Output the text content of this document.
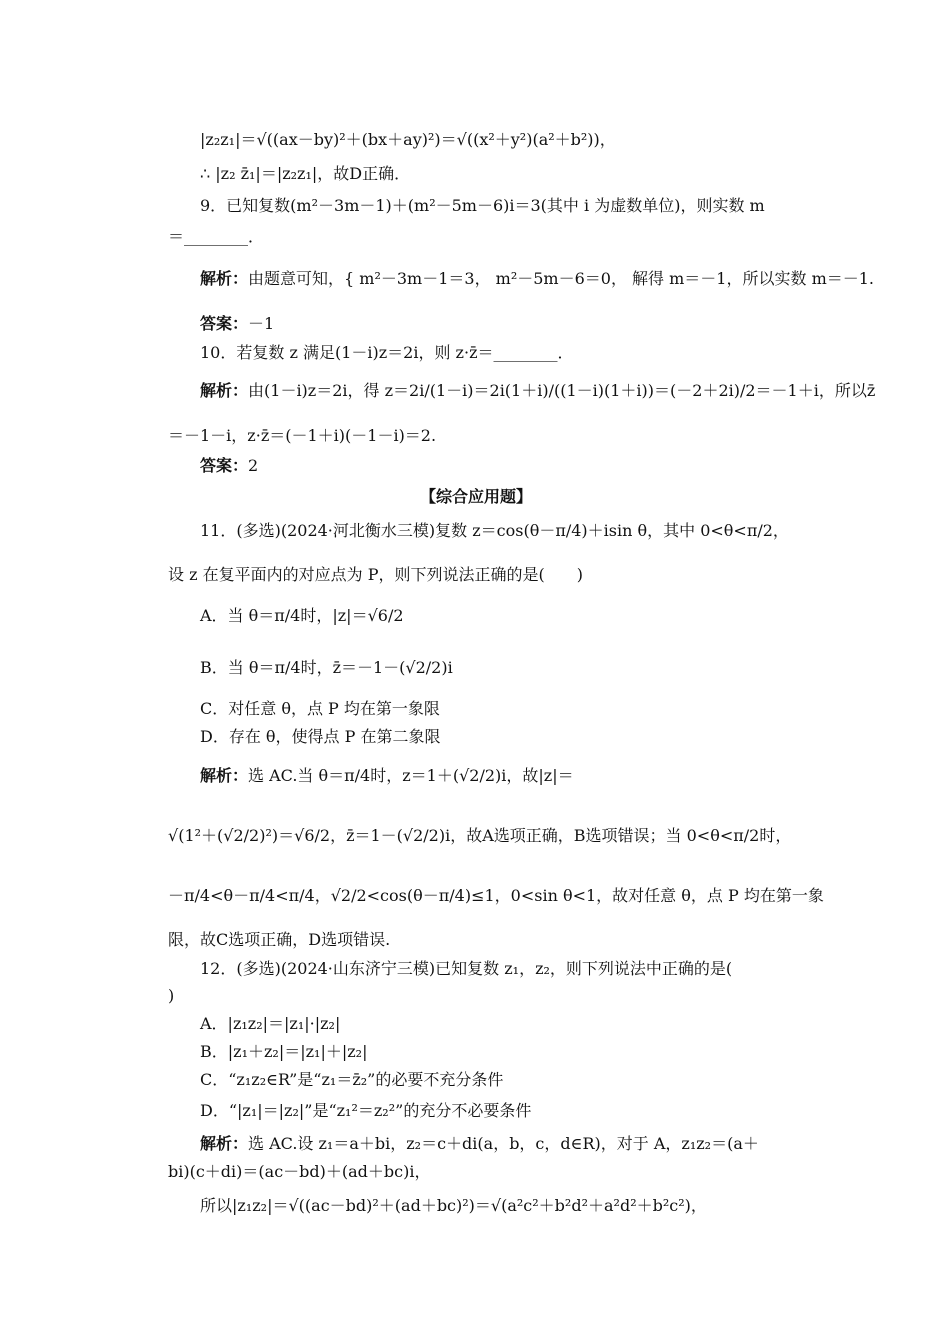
|z₂z₁|＝√((ax－by)²＋(bx＋ay)²)＝√((x²＋y²)(a²＋b²))，
∴ |z₂ z̄₁|＝|z₂z₁|，故D正确．
9．已知复数(m²－3m－1)＋(m²－5m－6)i＝3(其中 i 为虚数单位)，则实数 m
＝________．
解析：由题意可知，{ m²－3m－1＝3， m²－5m－6＝0， 解得 m＝－1，所以实数 m＝－1.
答案：－1
10．若复数 z 满足(1－i)z＝2i，则 z·z̄＝________．
解析：由(1－i)z＝2i，得 z＝2i/(1－i)＝2i(1＋i)/((1－i)(1＋i))＝(－2＋2i)/2＝－1＋i，所以z̄
＝－1－i，z·z̄＝(－1＋i)(－1－i)＝2.
答案：2
【综合应用题】
11．(多选)(2024·河北衡水三模)复数 z＝cos(θ－π/4)＋isin θ，其中 0<θ<π/2，
设 z 在复平面内的对应点为 P，则下列说法正确的是(　　)
A．当 θ＝π/4时，|z|＝√6/2
B．当 θ＝π/4时，z̄＝－1－(√2/2)i
C．对任意 θ，点 P 均在第一象限
D．存在 θ，使得点 P 在第二象限
解析：选 AC.当 θ＝π/4时，z＝1＋(√2/2)i，故|z|＝
√(1²＋(√2/2)²)＝√6/2，z̄＝1－(√2/2)i，故A选项正确，B选项错误；当 0<θ<π/2时，
－π/4<θ－π/4<π/4，√2/2<cos(θ－π/4)≤1，0<sin θ<1，故对任意 θ，点 P 均在第一象
限，故C选项正确，D选项错误.
12．(多选)(2024·山东济宁三模)已知复数 z₁，z₂，则下列说法中正确的是(
)
A．|z₁z₂|＝|z₁|·|z₂|
B．|z₁＋z₂|＝|z₁|＋|z₂|
C．“z₁z₂∈R”是“z₁＝z̄₂”的必要不充分条件
D．“|z₁|＝|z₂|”是“z₁²＝z₂²”的充分不必要条件
解析：选 AC.设 z₁＝a＋bi，z₂＝c＋di(a，b，c，d∈R)，对于 A，z₁z₂＝(a＋
bi)(c＋di)＝(ac－bd)＋(ad＋bc)i，
所以|z₁z₂|＝√((ac－bd)²＋(ad＋bc)²)＝√(a²c²＋b²d²＋a²d²＋b²c²)，
